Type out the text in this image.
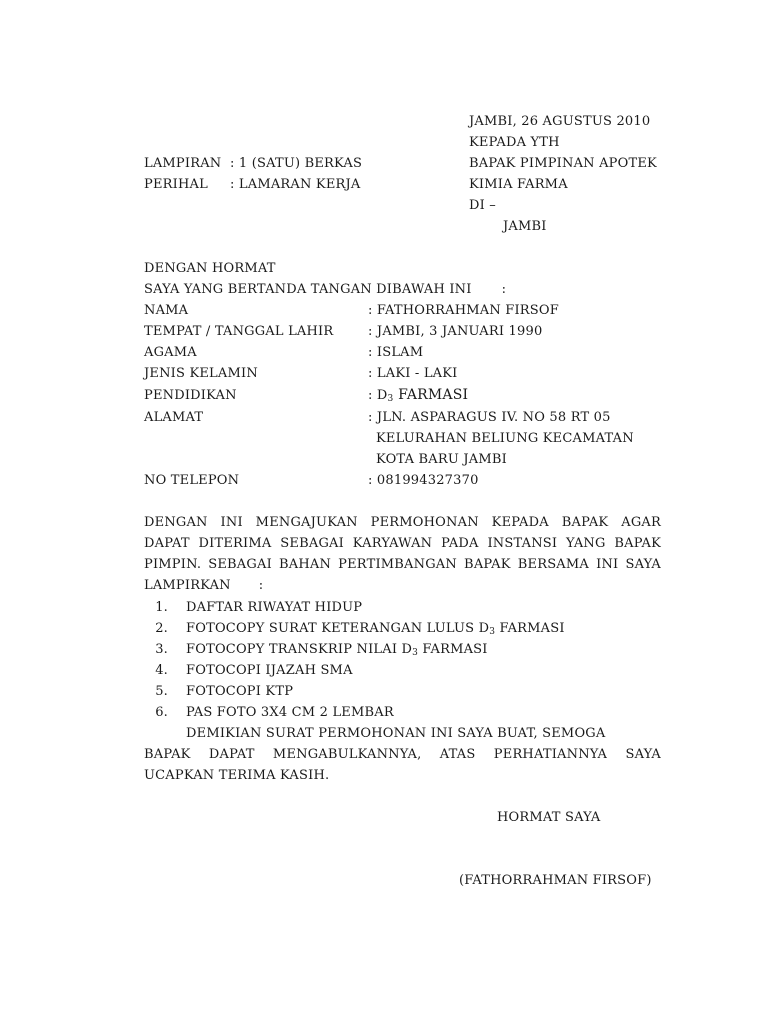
JAMBI, 26 AGUSTUS 2010
KEPADA YTH
BAPAK PIMPINAN APOTEK
KIMIA FARMA
DI –
JAMBI
LAMPIRAN : 1 (SATU) BERKAS
PERIHAL : LAMARAN KERJA
DENGAN HORMAT
SAYA YANG BERTANDA TANGAN DIBAWAH INI :
NAMA	: FATHORRAHMAN FIRSOF
TEMPAT / TANGGAL LAHIR	: JAMBI, 3 JANUARI 1990
AGAMA	: ISLAM
JENIS KELAMIN	: LAKI - LAKI
PENDIDIKAN	: $D_3$ FARMASI
ALAMAT	: JLN. ASPARAGUS IV. NO 58 RT 05
KELURAHAN BELIUNG KECAMATAN
KOTA BARU JAMBI
NO TELEPON	: 081994327370
DENGAN INI MENGAJUKAN PERMOHONAN KEPADA BAPAK AGAR
DAPAT DITERIMA SEBAGAI KARYAWAN PADA INSTANSI YANG BAPAK
PIMPIN. SEBAGAI BAHAN PERTIMBANGAN BAPAK BERSAMA INI SAYA
LAMPIRKAN :
1. DAFTAR RIWAYAT HIDUP
2. FOTOCOPY SURAT KETERANGAN LULUS $D_3$ FARMASI
3. FOTOCOPY TRANSKRIP NILAI $D_3$ FARMASI
4. FOTOCOPI IJAZAH SMA
5. FOTOCOPI KTP
6. PAS FOTO 3X4 CM 2 LEMBAR
DEMIKIAN SURAT PERMOHONAN INI SAYA BUAT, SEMOGA
BAPAK DAPAT MENGABULKANNYA, ATAS PERHATIANNYA SAYA
UCAPKAN TERIMA KASIH.
HORMAT SAYA
(FATHORRAHMAN FIRSOF)
